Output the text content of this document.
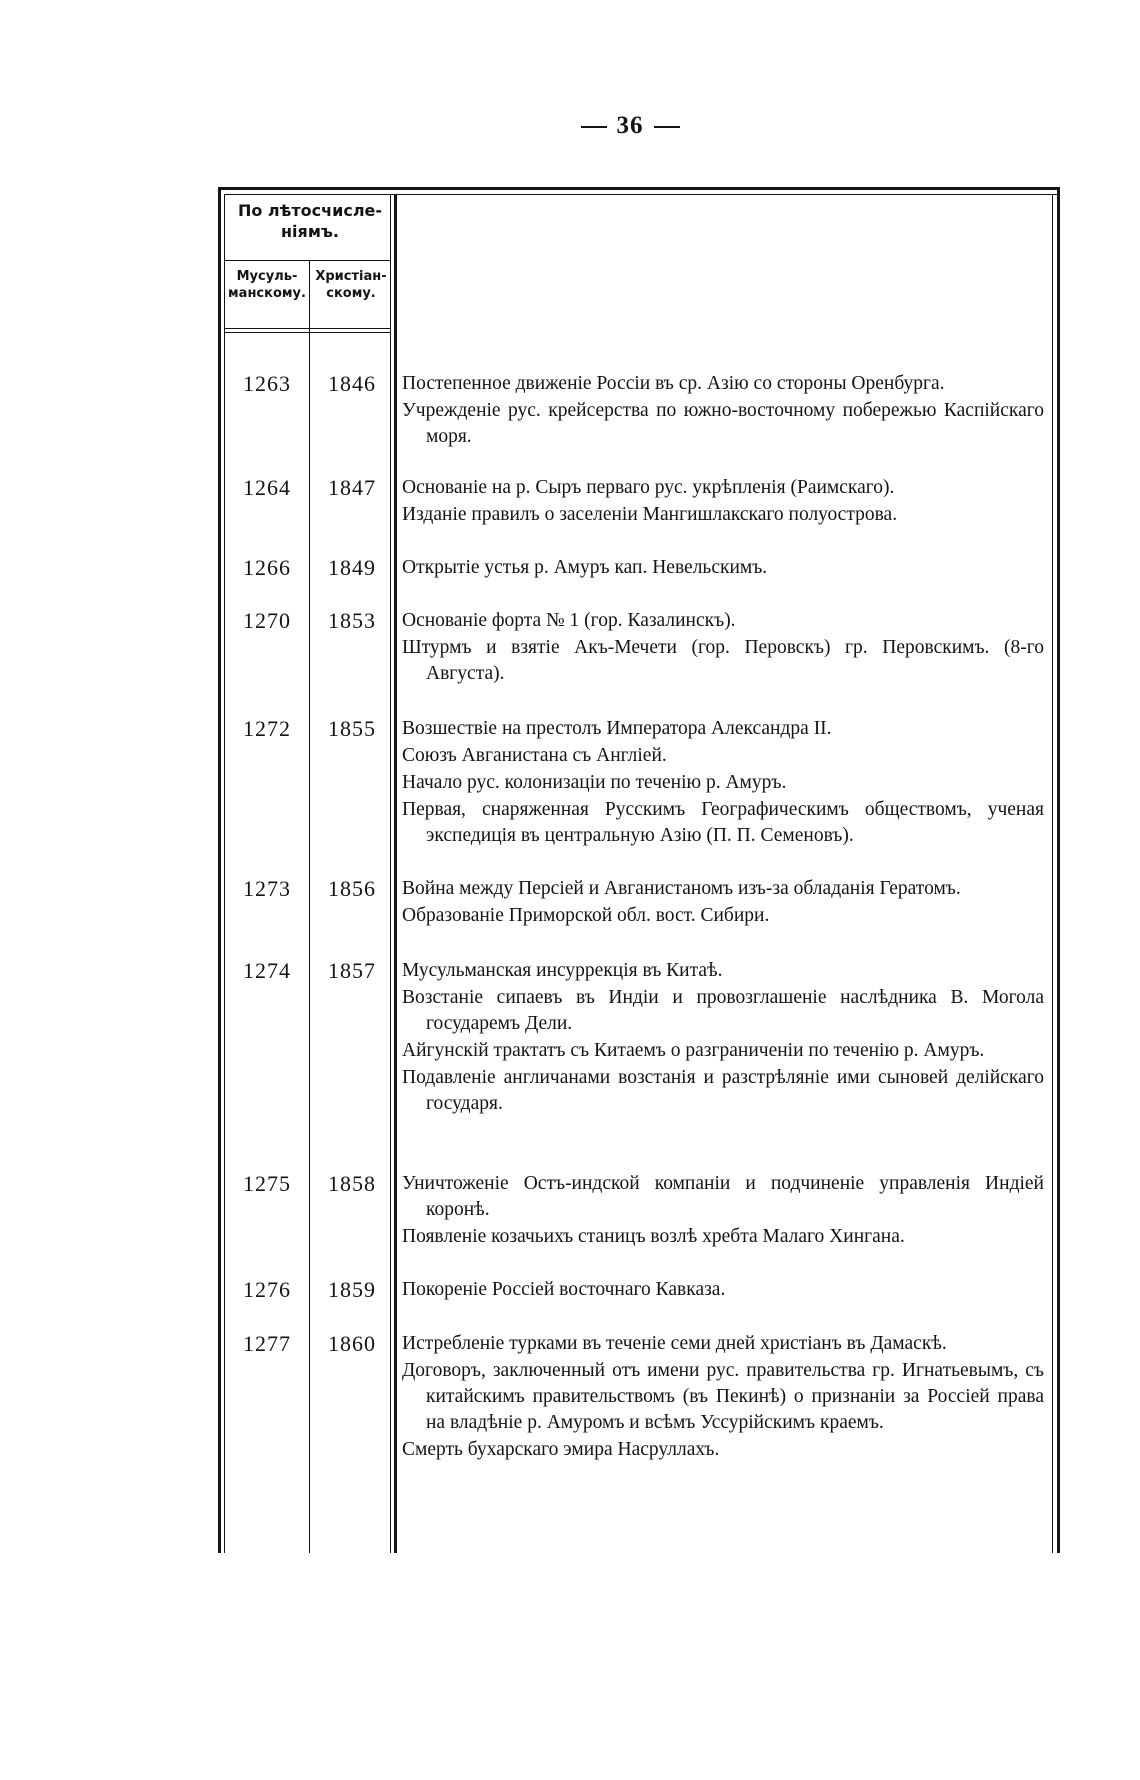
36
По лѣтосчисле-ніямъ.
Мусуль-манскому.
Христіан-скому.
1263	1846	Постепенное движеніе Россіи въ ср. Азію со стороны Оренбурга.
Учрежденіе рус. крейсерства по южно-восточному побережью Каспійскаго моря.
1264	1847	Основаніе на р. Сыръ перваго рус. укрѣпленія (Раимскаго).
Изданіе правилъ о заселеніи Мангишлакскаго полуострова.
1266	1849	Открытіе устья р. Амуръ кап. Невельскимъ.
1270	1853	Основаніе форта № 1 (гор. Казалинскъ).
Штурмъ и взятіе Акъ-Мечети (гор. Перовскъ) гр. Перовскимъ. (8-го Августа).
1272	1855	Возшествіе на престолъ Императора Александра II.
Союзъ Авганистана съ Англіей.
Начало рус. колонизаціи по теченію р. Амуръ.
Первая, снаряженная Русскимъ Географическимъ обществомъ, ученая экспедиція въ центральную Азію (П. П. Семеновъ).
1273	1856	Война между Персіей и Авганистаномъ изъ-за обладанія Гератомъ.
Образованіе Приморской обл. вост. Сибири.
1274	1857	Мусульманская инсуррекція въ Китаѣ.
Возстаніе сипаевъ въ Индіи и провозглашеніе наслѣдника В. Могола государемъ Дели.
Айгунскій трактатъ съ Китаемъ о разграниченіи по теченію р. Амуръ.
Подавленіе англичанами возстанія и разстрѣляніе ими сыновей делійскаго государя.
1275	1858	Уничтоженіе Остъ-индской компаніи и подчиненіе управленія Индіей коронѣ.
Появленіе козачьихъ станицъ возлѣ хребта Малаго Хингана.
1276	1859	Покореніе Россіей восточнаго Кавказа.
1277	1860	Истребленіе турками въ теченіе семи дней христіанъ въ Дамаскѣ.
Договоръ, заключенный отъ имени рус. правительства гр. Игнатьевымъ, съ китайскимъ правительствомъ (въ Пекинѣ) о признаніи за Россіей права на владѣніе р. Амуромъ и всѣмъ Уссурійскимъ краемъ.
Смерть бухарскаго эмира Насруллахъ.
